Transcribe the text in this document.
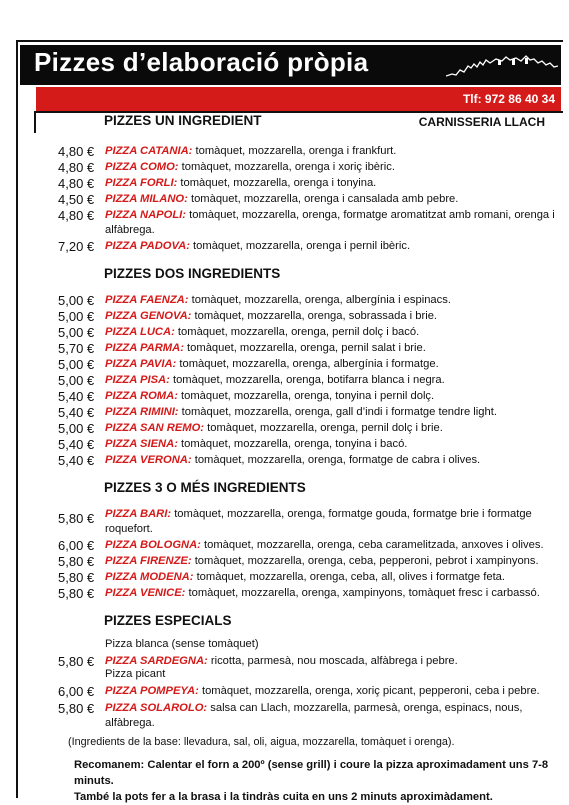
Pizzes d’elaboració pròpia
Tlf: 972 86 40 34
CARNISSERIA LLACH
PIZZES UN INGREDIENT
4,80 € PIZZA CATANIA: tomàquet, mozzarella, orenga i frankfurt.
4,80 € PIZZA COMO: tomàquet, mozzarella, orenga i xoriç ibèric.
4,80 € PIZZA FORLI: tomàquet, mozzarella, orenga i tonyina.
4,50 € PIZZA MILANO: tomàquet, mozzarella, orenga i cansalada amb pebre.
4,80 € PIZZA NAPOLI: tomàquet, mozzarella, orenga, formatge aromatitzat amb romani, orenga i alfàbrega.
7,20 € PIZZA PADOVA: tomàquet, mozzarella, orenga i pernil ibèric.
PIZZES DOS INGREDIENTS
5,00 € PIZZA FAENZA: tomàquet, mozzarella, orenga, albergínia i espinacs.
5,00 € PIZZA GENOVA: tomàquet, mozzarella, orenga, sobrassada i brie.
5,00 € PIZZA LUCA: tomàquet, mozzarella, orenga, pernil dolç i bacó.
5,70 € PIZZA PARMA: tomàquet, mozzarella, orenga, pernil salat i brie.
5,00 € PIZZA PAVIA: tomàquet, mozzarella, orenga, albergínia i formatge.
5,00 € PIZZA PISA: tomàquet, mozzarella, orenga, botifarra blanca i negra.
5,40 € PIZZA ROMA: tomàquet, mozzarella, orenga, tonyina i pernil dolç.
5,40 € PIZZA RIMINI: tomàquet, mozzarella, orenga, gall d’indi i formatge tendre light.
5,00 € PIZZA SAN REMO: tomàquet, mozzarella, orenga, pernil dolç i brie.
5,40 € PIZZA SIENA: tomàquet, mozzarella, orenga, tonyina i bacó.
5,40 € PIZZA VERONA: tomàquet, mozzarella, orenga, formatge de cabra i olives.
PIZZES 3 O MÉS INGREDIENTS
5,80 € PIZZA BARI: tomàquet, mozzarella, orenga, formatge gouda, formatge brie i formatge roquefort.
6,00 € PIZZA BOLOGNA: tomàquet, mozzarella, orenga, ceba caramelitzada, anxoves i olives.
5,80 € PIZZA FIRENZE: tomàquet, mozzarella, orenga, ceba, pepperoni, pebrot i xampinyons.
5,80 € PIZZA MODENA: tomàquet, mozzarella, orenga, ceba, all, olives i formatge feta.
5,80 € PIZZA VENICE: tomàquet, mozzarella, orenga, xampinyons, tomàquet fresc i carbassó.
PIZZES ESPECIALS
Pizza blanca (sense tomàquet)
5,80 € PIZZA SARDEGNA: ricotta, parmesà, nou moscada, alfàbrega i pebre.
Pizza picant
6,00 € PIZZA POMPEYA: tomàquet, mozzarella, orenga, xoriç picant, pepperoni, ceba i pebre.
5,80 € PIZZA SOLAROLO: salsa can Llach, mozzarella, parmesà, orenga, espinacs, nous, alfàbrega.
(Ingredients de la base: llevadura, sal, oli, aigua, mozzarella, tomàquet i orenga).
Recomanem: Calentar el forn a 200º (sense grill) i coure la pizza aproximadament uns 7-8 minuts.
També la pots fer a la brasa i la tindràs cuita en uns 2 minuts aproximàdament.
